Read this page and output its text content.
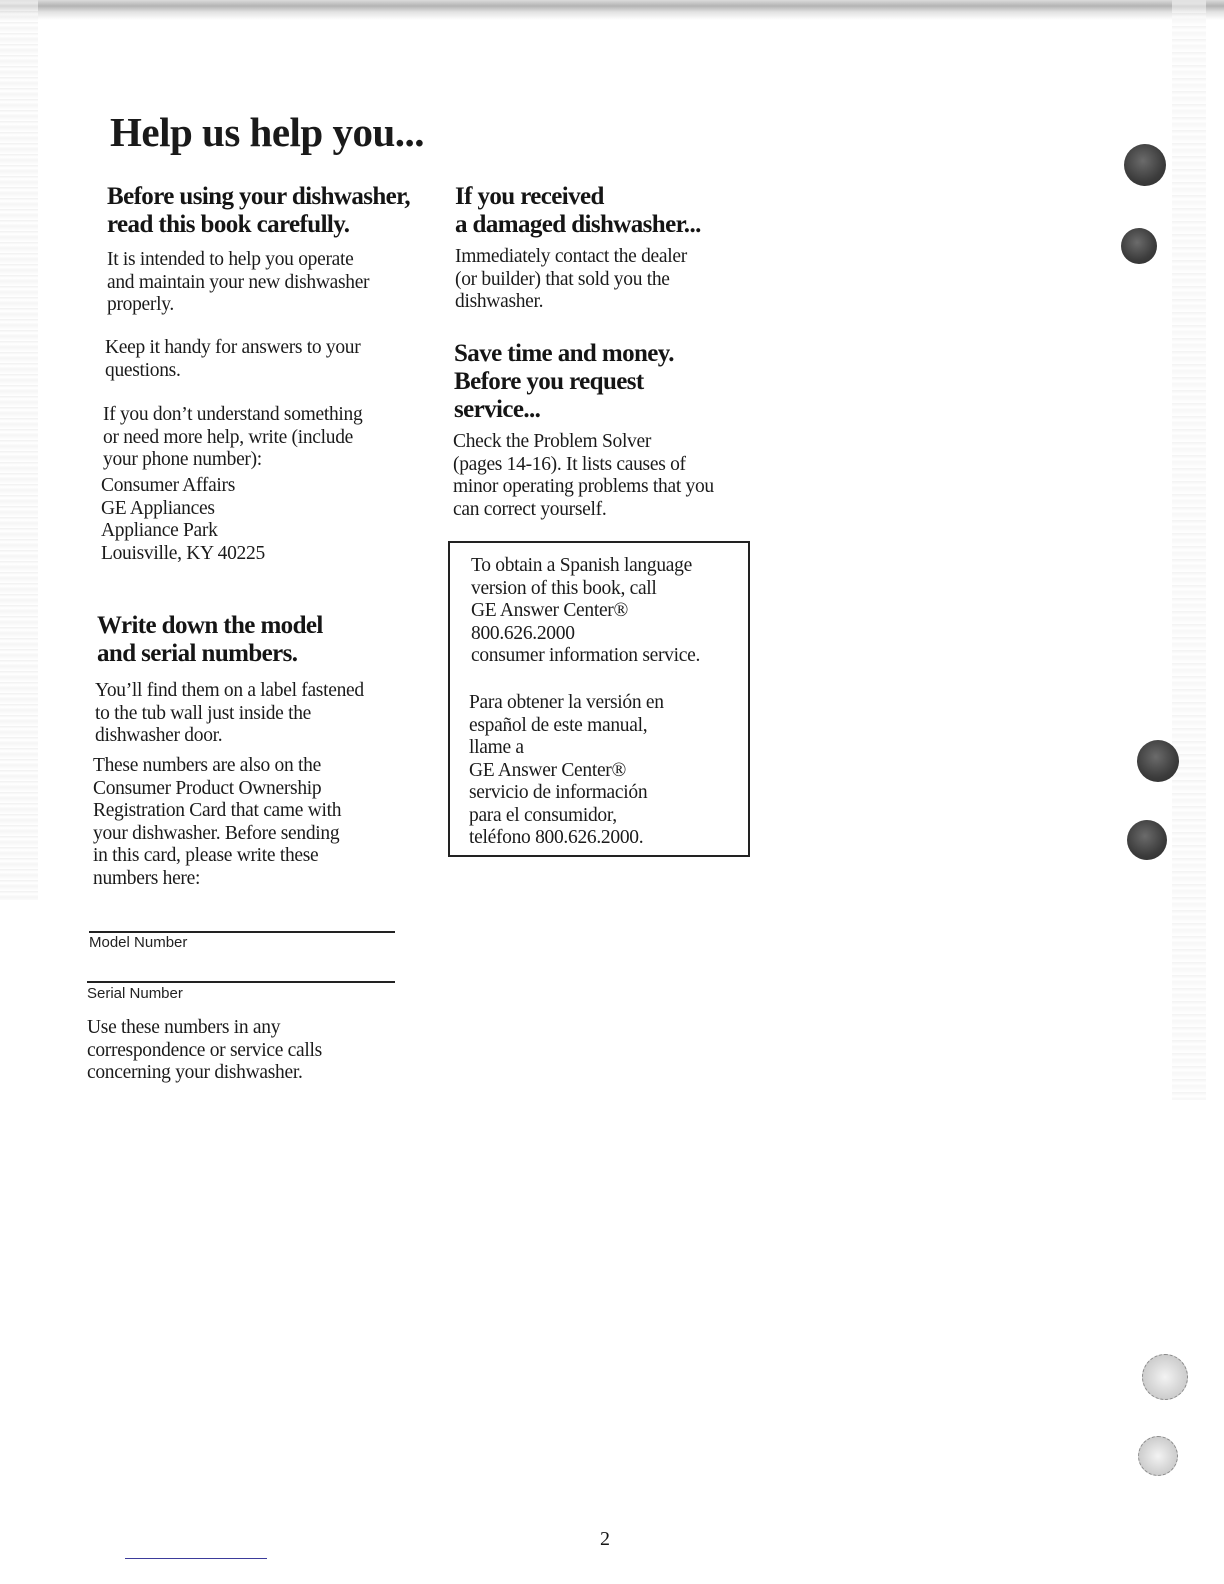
Help us help you...
Before using your dishwasher,
read this book carefully.
It is intended to help you operate
and maintain your new dishwasher
properly.
Keep it handy for answers to your
questions.
If you don’t understand something
or need more help, write (include
your phone number):
Consumer Affairs
GE Appliances
Appliance Park
Louisville, KY 40225
Write down the model
and serial numbers.
You’ll find them on a label fastened
to the tub wall just inside the
dishwasher door.
These numbers are also on the
Consumer Product Ownership
Registration Card that came with
your dishwasher. Before sending
in this card, please write these
numbers here:
Model Number
Serial Number
Use these numbers in any
correspondence or service calls
concerning your dishwasher.
If you received
a damaged dishwasher...
Immediately contact the dealer
(or builder) that sold you the
dishwasher.
Save time and money.
Before you request
service...
Check the Problem Solver
(pages 14-16). It lists causes of
minor operating problems that you
can correct yourself.
To obtain a Spanish language
version of this book, call
GE Answer Center®
800.626.2000
consumer information service.
Para obtener la versión en
español de este manual,
llame a
GE Answer Center®
servicio de información
para el consumidor,
teléfono 800.626.2000.
2
